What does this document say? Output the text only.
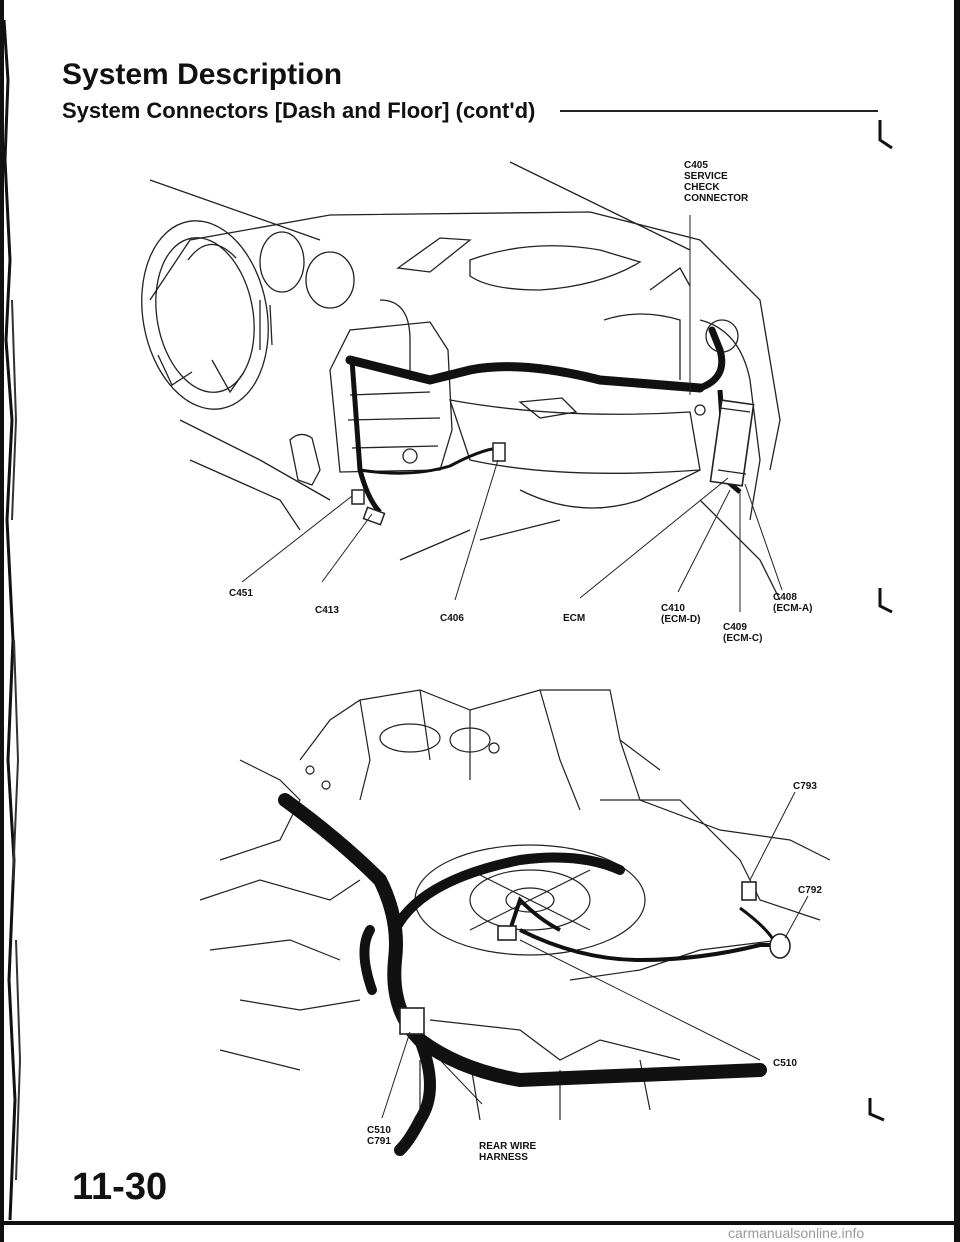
System Description
System Connectors [Dash and Floor] (cont'd)
C405
SERVICE
CHECK
CONNECTOR
C451
C413
C406	ECM
C410
(ECM-D)
C409
(ECM-C)
C408
(ECM-A)
C793
C792
C510
C510
C791	REAR WIRE
HARNESS
11-30
carmanualsonline.info
